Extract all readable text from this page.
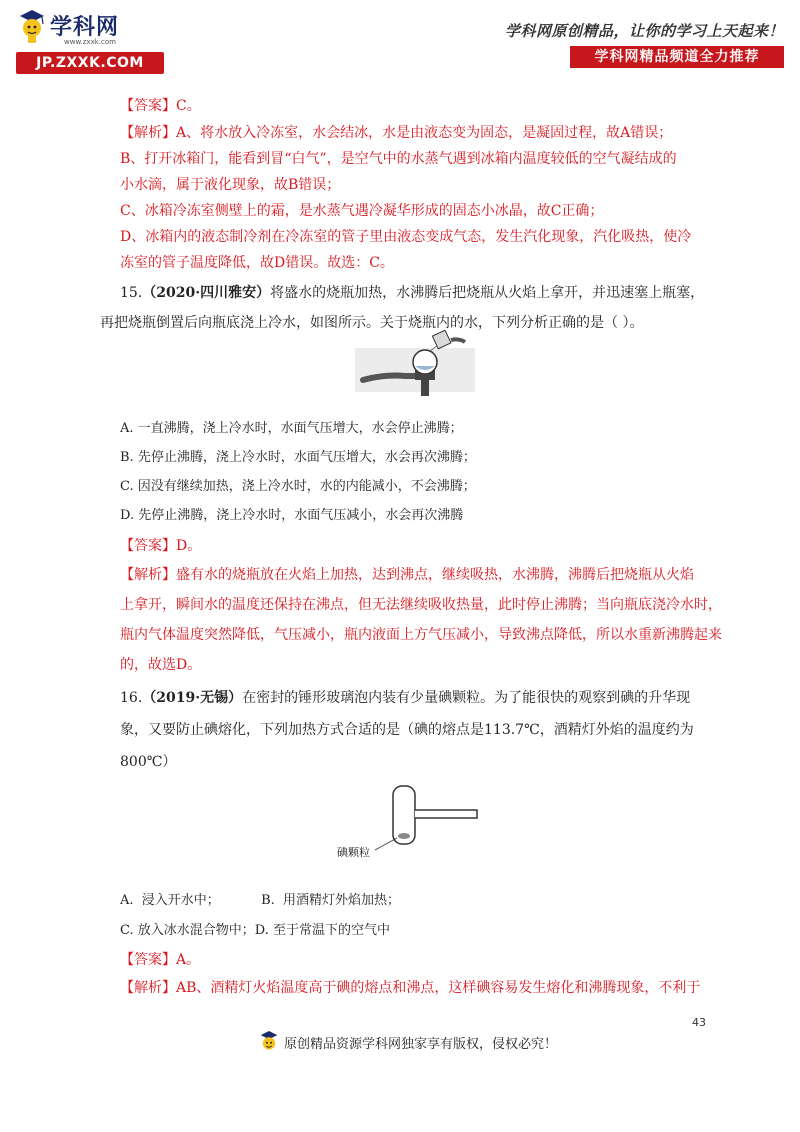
学科网
www.zxxk.com
JP.ZXXK.COM
学科网原创精品，让你的学习上天起来！
学科网精品频道全力推荐
【答案】C。
【解析】A、将水放入冷冻室，水会结冰，水是由液态变为固态，是凝固过程，故A错误；
B、打开冰箱门，能看到冒“白气”，是空气中的水蒸气遇到冰箱内温度较低的空气凝结成的
小水滴，属于液化现象，故B错误；
C、冰箱冷冻室侧壁上的霜，是水蒸气遇冷凝华形成的固态小冰晶，故C正确；
D、冰箱内的液态制冷剂在冷冻室的管子里由液态变成气态，发生汽化现象，汽化吸热，使冷
冻室的管子温度降低，故D错误。故选：C。
15.（2020·四川雅安）将盛水的烧瓶加热，水沸腾后把烧瓶从火焰上拿开，并迅速塞上瓶塞，
再把烧瓶倒置后向瓶底浇上冷水，如图所示。关于烧瓶内的水，下列分析正确的是（ ）。
A. 一直沸腾，浇上冷水时，水面气压增大，水会停止沸腾；
B. 先停止沸腾，浇上冷水时，水面气压增大，水会再次沸腾；
C. 因没有继续加热，浇上冷水时，水的内能减小，不会沸腾；
D. 先停止沸腾，浇上冷水时，水面气压减小，水会再次沸腾
【答案】D。
【解析】盛有水的烧瓶放在火焰上加热，达到沸点，继续吸热，水沸腾，沸腾后把烧瓶从火焰
上拿开，瞬间水的温度还保持在沸点，但无法继续吸收热量，此时停止沸腾；当向瓶底浇冷水时，
瓶内气体温度突然降低，气压减小，瓶内液面上方气压减小，导致沸点降低，所以水重新沸腾起来
的，故选D。
16.（2019·无锡）在密封的锤形玻璃泡内装有少量碘颗粒。为了能很快的观察到碘的升华现
象，又要防止碘熔化，下列加热方式合适的是（碘的熔点是113.7℃，酒精灯外焰的温度约为
800℃）
碘颗粒
A.  浸入开水中；          B.  用酒精灯外焰加热；
C. 放入冰水混合物中；D. 至于常温下的空气中
【答案】A。
【解析】AB、酒精灯火焰温度高于碘的熔点和沸点，这样碘容易发生熔化和沸腾现象，不利于
43
原创精品资源学科网独家享有版权，侵权必究！
